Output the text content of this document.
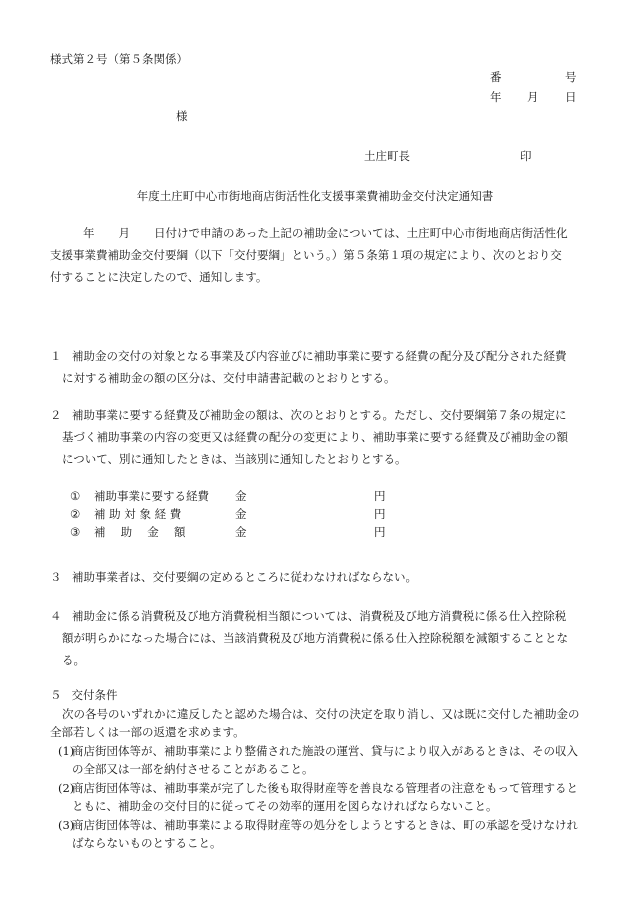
様式第２号（第５条関係）
番	号
年 月 日
様
土庄町長	印
年度土庄町中心市街地商店街活性化支援事業費補助金交付決定通知書
年 月 日付けで申請のあった上記の補助金については、土庄町中心市街地商店街活性化
支援事業費補助金交付要綱（以下「交付要綱」という。）第５条第１項の規定により、次のとおり交
付することに決定したので、通知します。
１ 補助金の交付の対象となる事業及び内容並びに補助事業に要する経費の配分及び配分された経費
に対する補助金の額の区分は、交付申請書記載のとおりとする。
２ 補助事業に要する経費及び補助金の額は、次のとおりとする。ただし、交付要綱第７条の規定に
基づく補助事業の内容の変更又は経費の配分の変更により、補助事業に要する経費及び補助金の額
について、別に通知したときは、当該別に通知したとおりとする。
①	補助事業に要する経費	金	円
②	補 助 対 象 経 費	金	円
③	補　 助　 金　 額	金	円
３ 補助事業者は、交付要綱の定めるところに従わなければならない。
４ 補助金に係る消費税及び地方消費税相当額については、消費税及び地方消費税に係る仕入控除税
額が明らかになった場合には、当該消費税及び地方消費税に係る仕入控除税額を減額することとな
る。
５ 交付条件
次の各号のいずれかに違反したと認めた場合は、交付の決定を取り消し、又は既に交付した補助金の
全部若しくは一部の返還を求めます。
(1)
商店街団体等が、補助事業により整備された施設の運営、貸与により収入があるときは、その収入
の全部又は一部を納付させることがあること。
(2)
商店街団体等は、補助事業が完了した後も取得財産等を善良なる管理者の注意をもって管理すると
ともに、補助金の交付目的に従ってその効率的運用を図らなければならないこと。
(3)
商店街団体等は、補助事業による取得財産等の処分をしようとするときは、町の承認を受けなけれ
ばならないものとすること。
